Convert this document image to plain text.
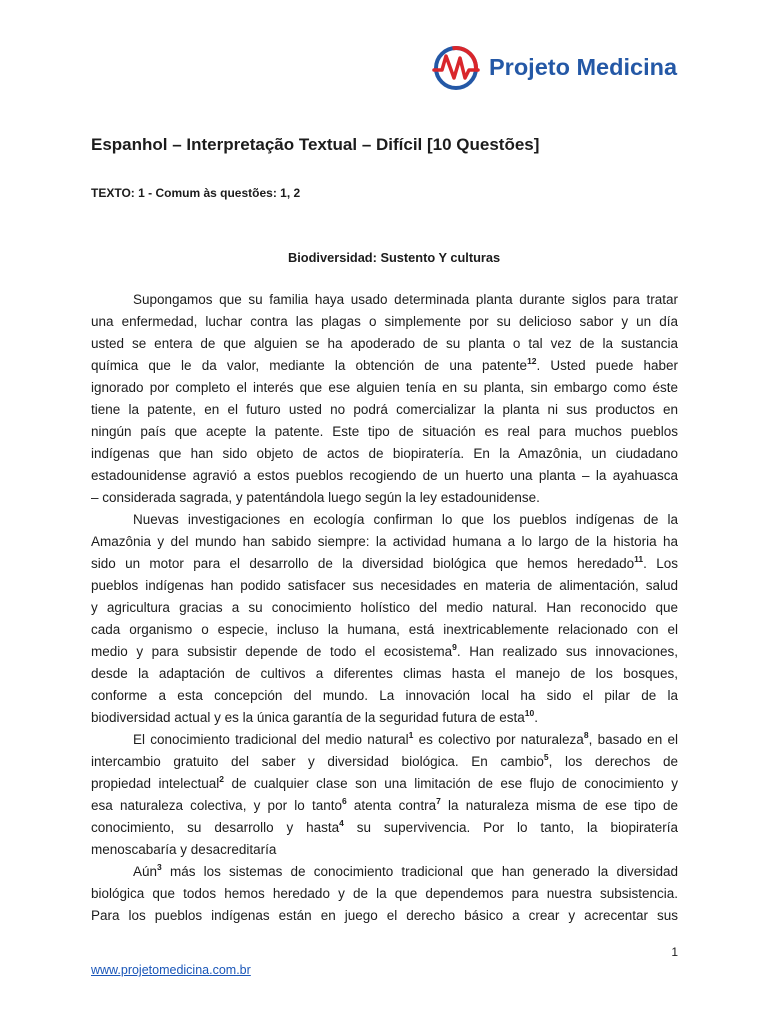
Projeto Medicina
Espanhol – Interpretação Textual – Difícil [10 Questões]
TEXTO: 1 - Comum às questões: 1, 2
Biodiversidad: Sustento Y culturas
Supongamos que su familia haya usado determinada planta durante siglos para tratar
una enfermedad, luchar contra las plagas o simplemente por su delicioso sabor y un día
usted se entera de que alguien se ha apoderado de su planta o tal vez de la sustancia
química que le da valor, mediante la obtención de una patente$^{12}$. Usted puede haber
ignorado por completo el interés que ese alguien tenía en su planta, sin embargo como éste
tiene la patente, en el futuro usted no podrá comercializar la planta ni sus productos en
ningún país que acepte la patente. Este tipo de situación es real para muchos pueblos
indígenas que han sido objeto de actos de biopiratería. En la Amazônia, un ciudadano
estadounidense agravió a estos pueblos recogiendo de un huerto una planta – la ayahuasca
– considerada sagrada, y patentándola luego según la ley estadounidense.
Nuevas investigaciones en ecología confirman lo que los pueblos indígenas de la
Amazônia y del mundo han sabido siempre: la actividad humana a lo largo de la historia ha
sido un motor para el desarrollo de la diversidad biológica que hemos heredado$^{11}$. Los
pueblos indígenas han podido satisfacer sus necesidades en materia de alimentación, salud
y agricultura gracias a su conocimiento holístico del medio natural. Han reconocido que
cada organismo o especie, incluso la humana, está inextricablemente relacionado con el
medio y para subsistir depende de todo el ecosistema$^9$. Han realizado sus innovaciones,
desde la adaptación de cultivos a diferentes climas hasta el manejo de los bosques,
conforme a esta concepción del mundo. La innovación local ha sido el pilar de la
biodiversidad actual y es la única garantía de la seguridad futura de esta$^{10}$.
El conocimiento tradicional del medio natural$^1$ es colectivo por naturaleza$^8$, basado en el
intercambio gratuito del saber y diversidad biológica. En cambio$^5$, los derechos de
propiedad intelectual$^2$ de cualquier clase son una limitación de ese flujo de conocimiento y
esa naturaleza colectiva, y por lo tanto$^6$ atenta contra$^7$ la naturaleza misma de ese tipo de
conocimiento, su desarrollo y hasta$^4$ su supervivencia. Por lo tanto, la biopiratería
menoscabaría y desacreditaría
Aún$^3$ más los sistemas de conocimiento tradicional que han generado la diversidad
biológica que todos hemos heredado y de la que dependemos para nuestra subsistencia.
Para los pueblos indígenas están en juego el derecho básico a crear y acrecentar sus
1
www.projetomedicina.com.br
